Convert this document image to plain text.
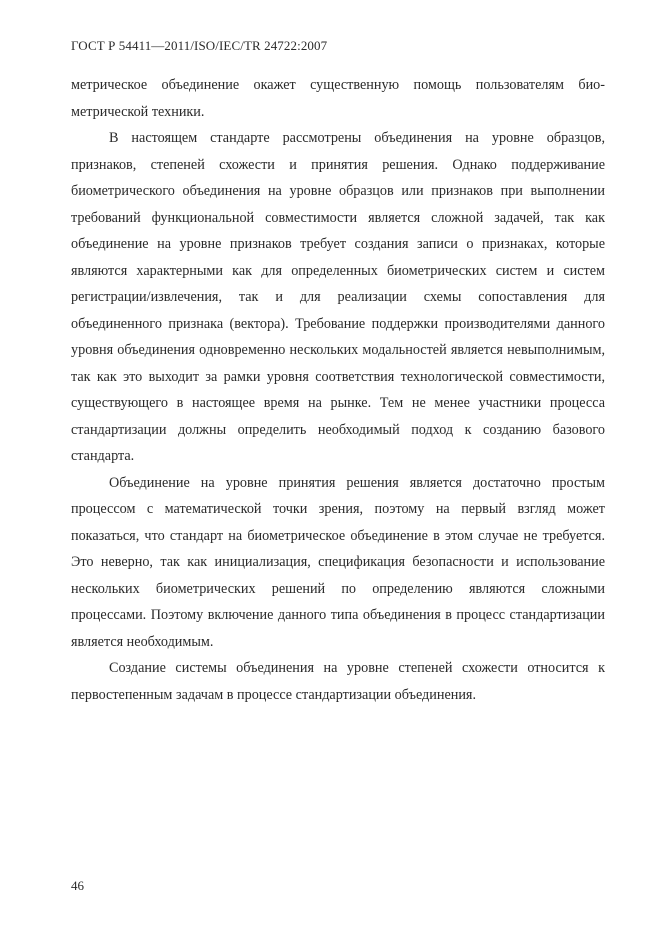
ГОСТ Р 54411—2011/ISO/IEC/TR 24722:2007

метрическое объединение окажет существенную помощь пользователям биометрической техники.

В настоящем стандарте рассмотрены объединения на уровне образцов, признаков, степеней схожести и принятия решения. Однако поддерживание биометрического объединения на уровне образцов или признаков при выполнении требований функциональной совместимости является сложной задачей, так как объединение на уровне признаков требует создания записи о признаках, которые являются характерными как для определенных биометрических систем и систем регистрации/извлечения, так и для реализации схемы сопоставления для объединенного признака (вектора). Требование поддержки производителями данного уровня объединения одновременно нескольких модальностей является невыполнимым, так как это выходит за рамки уровня соответствия технологической совместимости, существующего в настоящее время на рынке. Тем не менее участники процесса стандартизации должны определить необходимый подход к созданию базового стандарта.

Объединение на уровне принятия решения является достаточно простым процессом с математической точки зрения, поэтому на первый взгляд может показаться, что стандарт на биометрическое объединение в этом случае не требуется. Это неверно, так как инициализация, спецификация безопасности и использование нескольких биометрических решений по определению являются сложными процессами. Поэтому включение данного типа объединения в процесс стандартизации является необходимым.

Создание системы объединения на уровне степеней схожести относится к первостепенным задачам в процессе стандартизации объединения.

46
